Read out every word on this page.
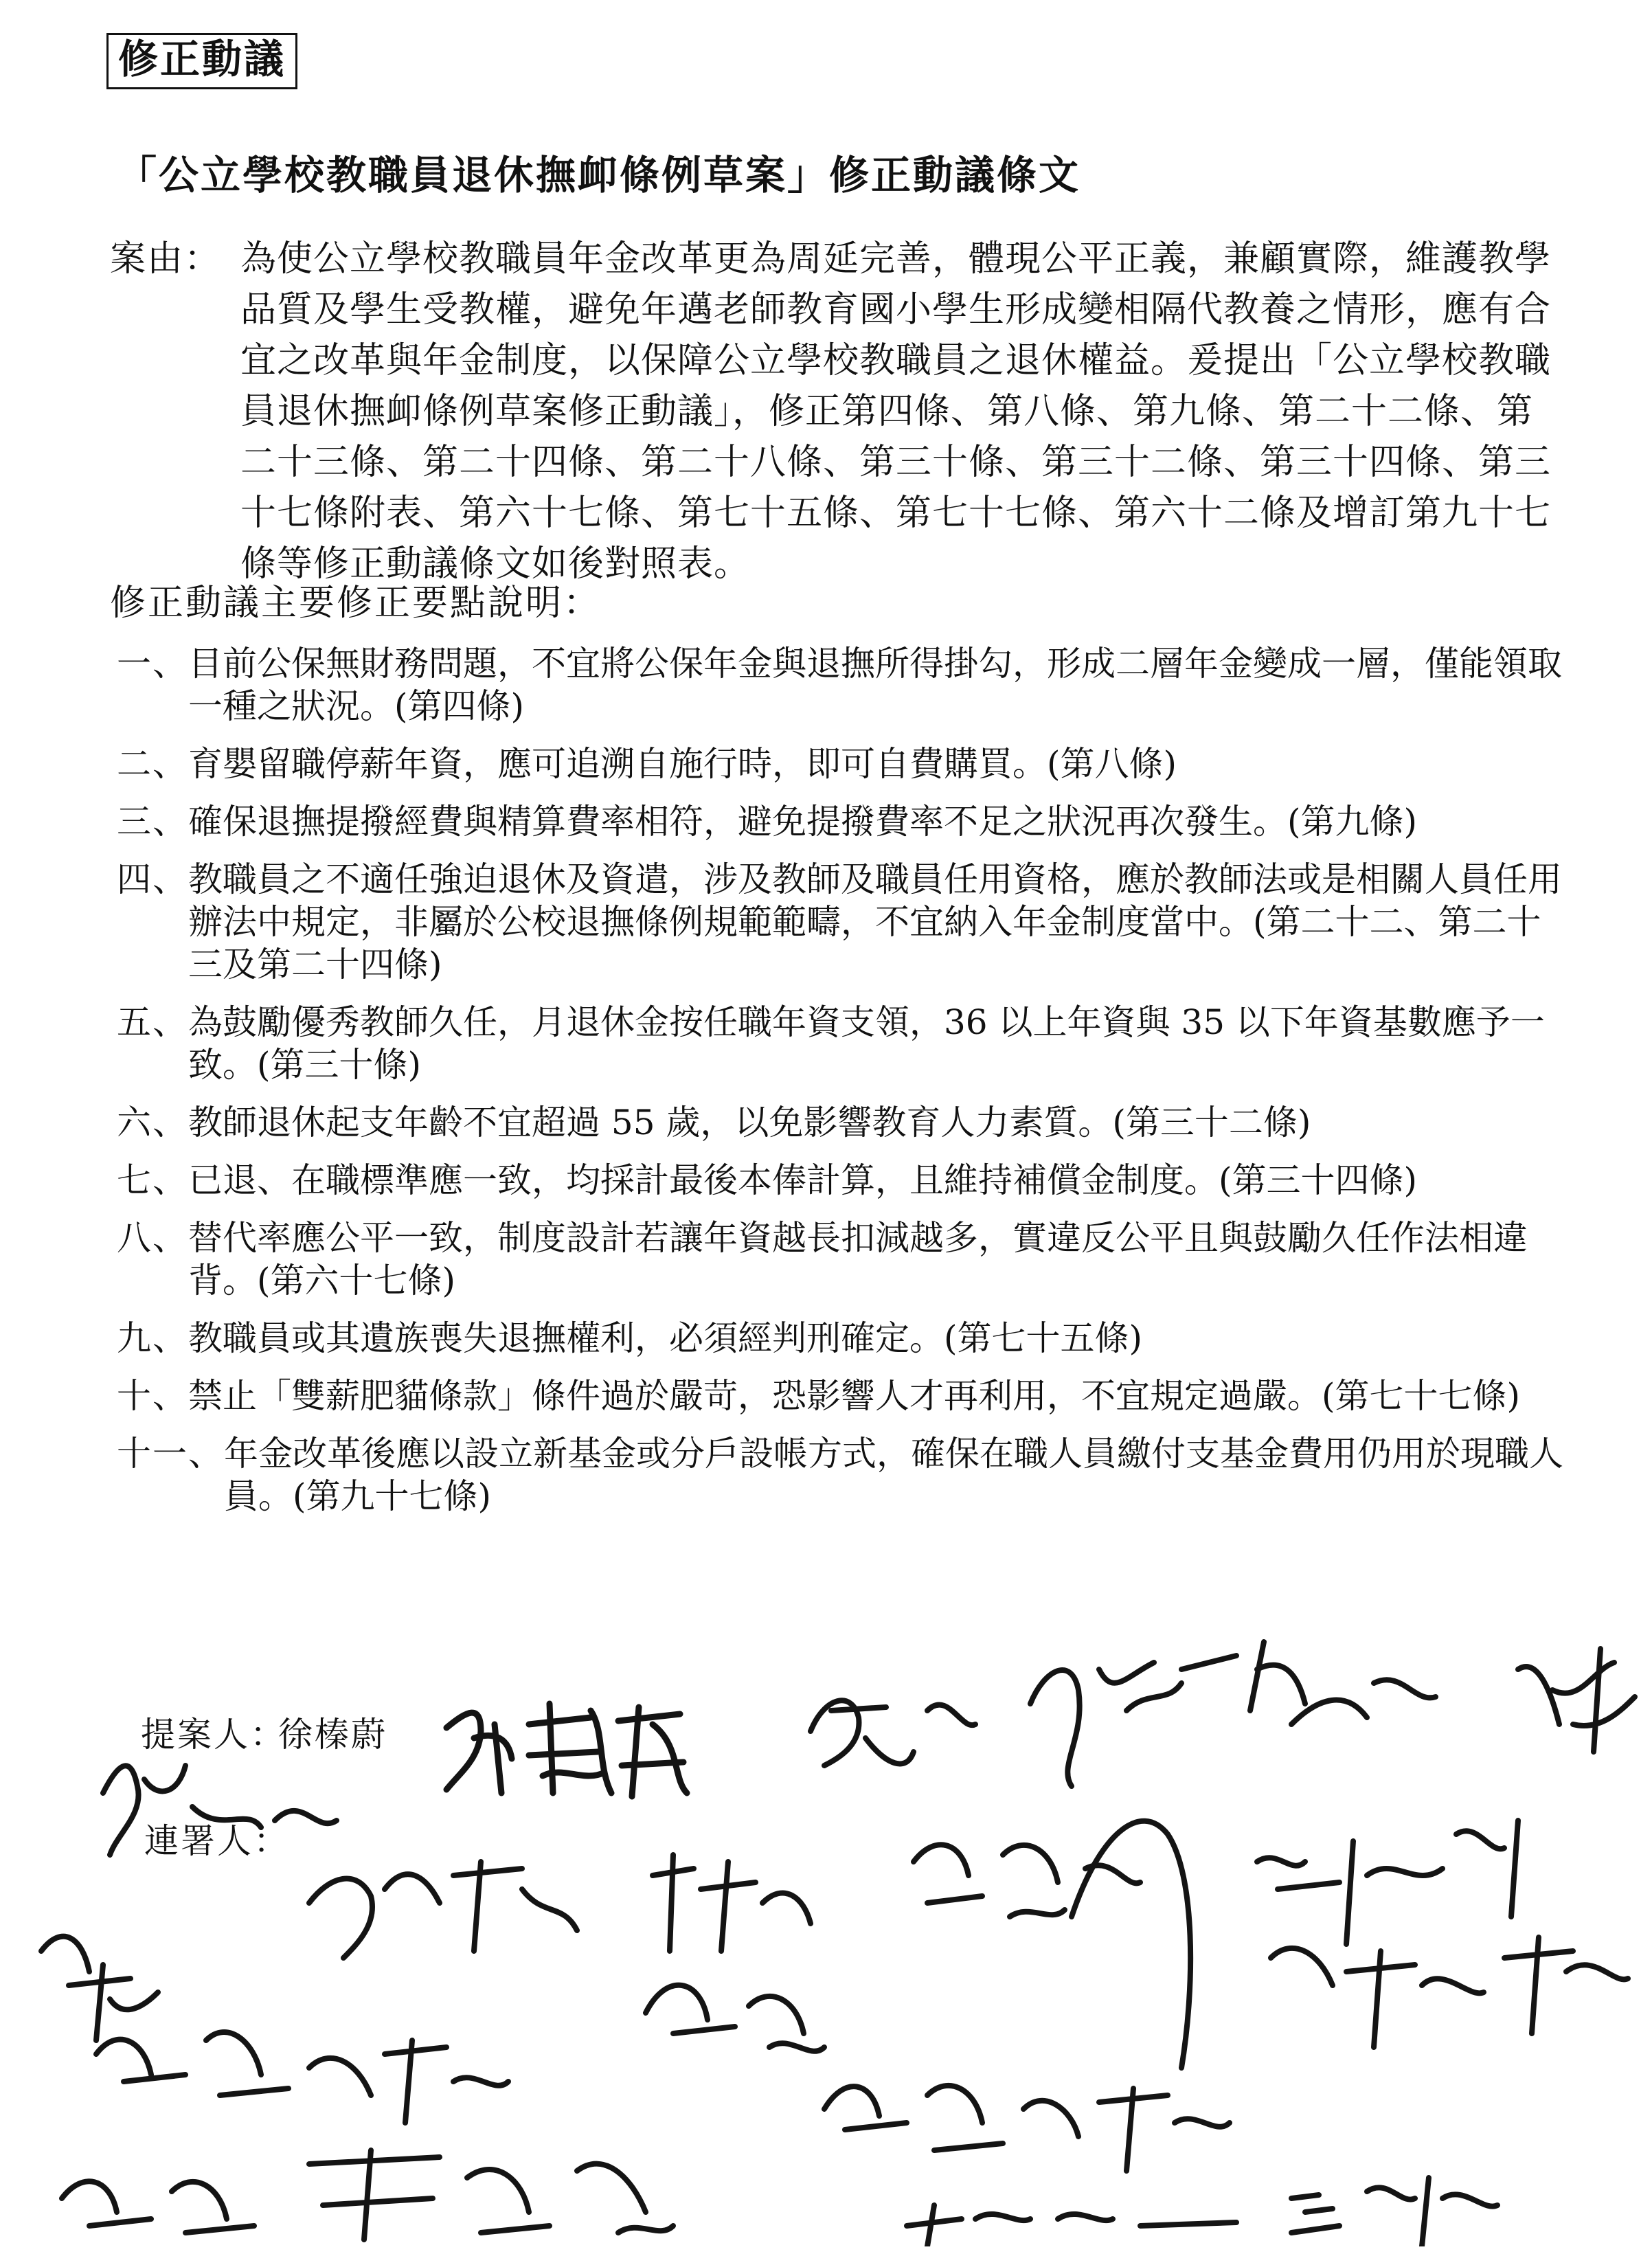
修正動議
「公立學校教職員退休撫卹條例草案」修正動議條文
案由： 為使公立學校教職員年金改革更為周延完善，體現公平正義，兼顧實際，維護教學品質及學生受教權，避免年邁老師教育國小學生形成變相隔代教養之情形，應有合宜之改革與年金制度，以保障公立學校教職員之退休權益。爰提出「公立學校教職員退休撫卹條例草案修正動議」，修正第四條、第八條、第九條、第二十二條、第二十三條、第二十四條、第二十八條、第三十條、第三十二條、第三十四條、第三十七條附表、第六十七條、第七十五條、第七十七條、第六十二條及增訂第九十七條等修正動議條文如後對照表。
修正動議主要修正要點說明：
一、 目前公保無財務問題，不宜將公保年金與退撫所得掛勾，形成二層年金變成一層，僅能領取一種之狀況。(第四條)
二、 育嬰留職停薪年資，應可追溯自施行時，即可自費購買。(第八條)
三、 確保退撫提撥經費與精算費率相符，避免提撥費率不足之狀況再次發生。(第九條)
四、 教職員之不適任強迫退休及資遣，涉及教師及職員任用資格，應於教師法或是相關人員任用辦法中規定，非屬於公校退撫條例規範範疇，不宜納入年金制度當中。(第二十二、第二十三及第二十四條)
五、 為鼓勵優秀教師久任，月退休金按任職年資支領，36 以上年資與 35 以下年資基數應予一致。(第三十條)
六、 教師退休起支年齡不宜超過 55 歲，以免影響教育人力素質。(第三十二條)
七、 已退、在職標準應一致，均採計最後本俸計算，且維持補償金制度。(第三十四條)
八、 替代率應公平一致，制度設計若讓年資越長扣減越多，實違反公平且與鼓勵久任作法相違背。(第六十七條)
九、 教職員或其遺族喪失退撫權利，必須經判刑確定。(第七十五條)
十、 禁止「雙薪肥貓條款」條件過於嚴苛，恐影響人才再利用，不宜規定過嚴。(第七十七條)
十一、 年金改革後應以設立新基金或分戶設帳方式，確保在職人員繳付支基金費用仍用於現職人員。(第九十七條)
提案人：
徐榛蔚
連署人：
